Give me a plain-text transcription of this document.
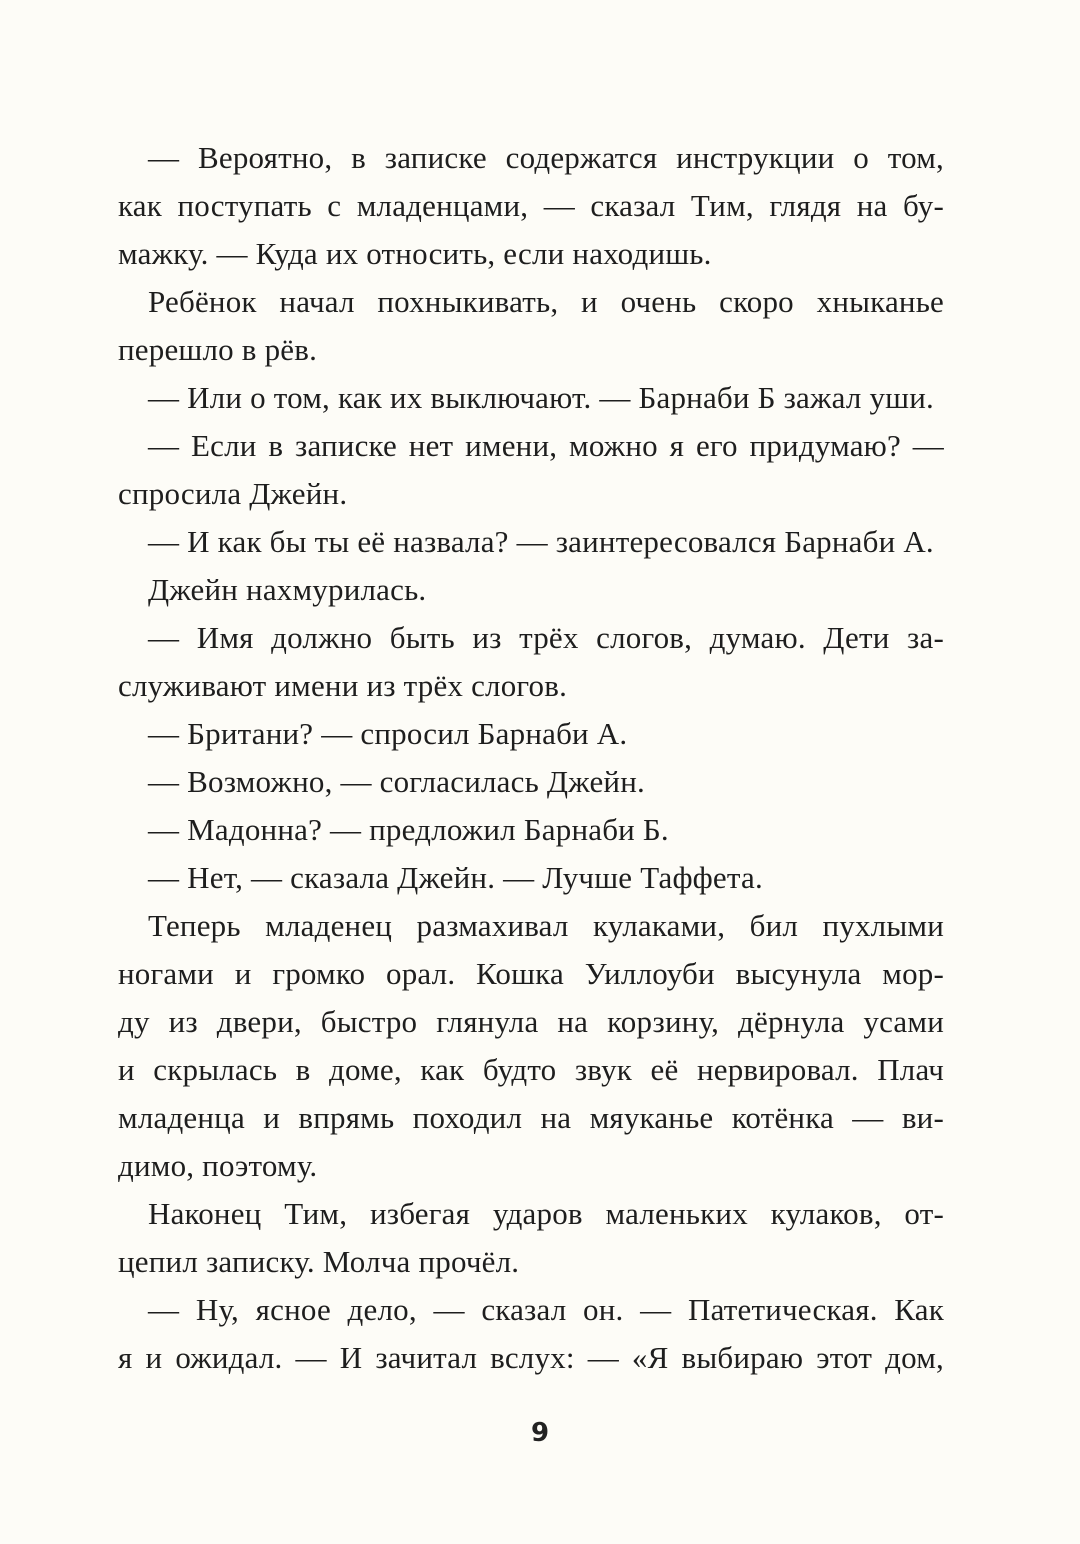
— Вероятно, в записке содержатся инструкции о том,
как поступать с младенцами, — сказал Тим, глядя на бу-
мажку. — Куда их относить, если находишь.
Ребёнок начал похныкивать, и очень скоро хныканье
перешло в рёв.
— Или о том, как их выключают. — Барнаби Б зажал уши.
— Если в записке нет имени, можно я его придумаю? —
спросила Джейн.
— И как бы ты её назвала? — заинтересовался Барнаби А.
Джейн нахмурилась.
— Имя должно быть из трёх слогов, думаю. Дети за-
служивают имени из трёх слогов.
— Британи? — спросил Барнаби А.
— Возможно, — согласилась Джейн.
— Мадонна? — предложил Барнаби Б.
— Нет, — сказала Джейн. — Лучше Таффета.
Теперь младенец размахивал кулаками, бил пухлыми
ногами и громко орал. Кошка Уиллоуби высунула мор-
ду из двери, быстро глянула на корзину, дёрнула усами
и скрылась в доме, как будто звук её нервировал. Плач
младенца и впрямь походил на мяуканье котёнка — ви-
димо, поэтому.
Наконец Тим, избегая ударов маленьких кулаков, от-
цепил записку. Молча прочёл.
— Ну, ясное дело, — сказал он. — Патетическая. Как
я и ожидал. — И зачитал вслух: — «Я выбираю этот дом,
9
